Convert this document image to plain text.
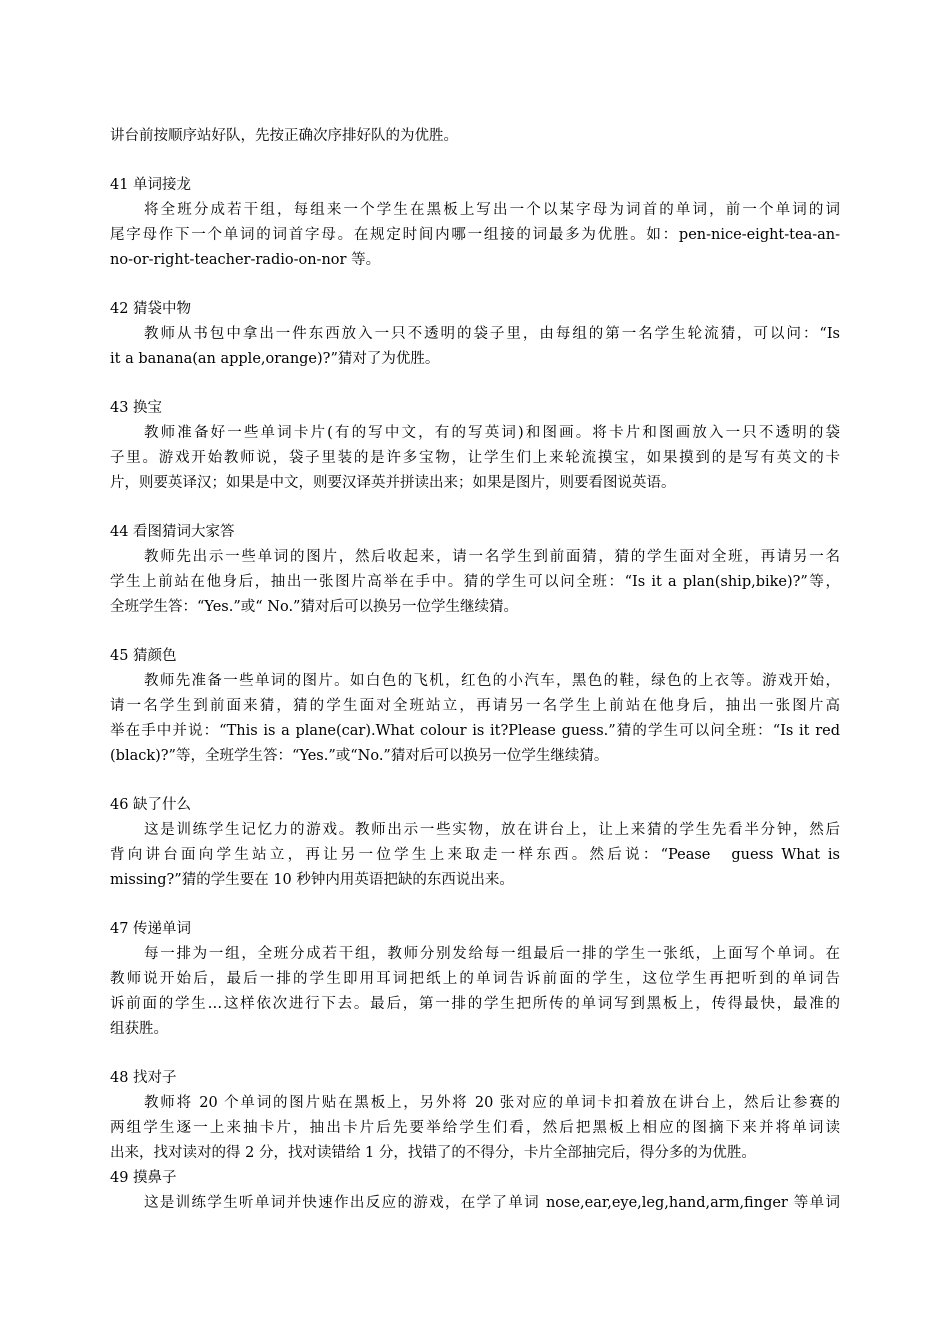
讲台前按顺序站好队，先按正确次序排好队的为优胜。
41 单词接龙
将全班分成若干组，每组来一个学生在黑板上写出一个以某字母为词首的单词，前一个单词的词
尾字母作下一个单词的词首字母。在规定时间内哪一组接的词最多为优胜。如：pen-nice-eight-tea-an-
no-or-right-teacher-radio-on-nor 等。
42 猜袋中物
教师从书包中拿出一件东西放入一只不透明的袋子里，由每组的第一名学生轮流猜，可以问：“Is
it a banana(an apple,orange)?”猜对了为优胜。
43 换宝
教师准备好一些单词卡片(有的写中文，有的写英词)和图画。将卡片和图画放入一只不透明的袋
子里。游戏开始教师说，袋子里装的是许多宝物，让学生们上来轮流摸宝，如果摸到的是写有英文的卡
片，则要英译汉；如果是中文，则要汉译英并拼读出来；如果是图片，则要看图说英语。
44 看图猜词大家答
教师先出示一些单词的图片，然后收起来，请一名学生到前面猜，猜的学生面对全班，再请另一名
学生上前站在他身后，抽出一张图片高举在手中。猜的学生可以问全班：“Is it a plan(ship,bike)?”等，
全班学生答：“Yes.”或“ No.”猜对后可以换另一位学生继续猜。
45 猜颜色
教师先准备一些单词的图片。如白色的飞机，红色的小汽车，黑色的鞋，绿色的上衣等。游戏开始，
请一名学生到前面来猜，猜的学生面对全班站立，再请另一名学生上前站在他身后，抽出一张图片高
举在手中并说：“This is a plane(car).What colour is it?Please guess.”猜的学生可以问全班：“Is it red
(black)?”等，全班学生答：“Yes.”或“No.”猜对后可以换另一位学生继续猜。
46 缺了什么
这是训练学生记忆力的游戏。教师出示一些实物，放在讲台上，让上来猜的学生先看半分钟，然后
背向讲台面向学生站立，再让另一位学生上来取走一样东西。然后说：“Pease　guess What is
missing?”猜的学生要在 10 秒钟内用英语把缺的东西说出来。
47 传递单词
每一排为一组，全班分成若干组，教师分别发给每一组最后一排的学生一张纸，上面写个单词。在
教师说开始后，最后一排的学生即用耳词把纸上的单词告诉前面的学生，这位学生再把听到的单词告
诉前面的学生…这样依次进行下去。最后，第一排的学生把所传的单词写到黑板上，传得最快，最准的
组获胜。
48 找对子
教师将 20 个单词的图片贴在黑板上，另外将 20 张对应的单词卡扣着放在讲台上，然后让参赛的
两组学生逐一上来抽卡片，抽出卡片后先要举给学生们看，然后把黑板上相应的图摘下来并将单词读
出来，找对读对的得 2 分，找对读错给 1 分，找错了的不得分，卡片全部抽完后，得分多的为优胜。
49 摸鼻子
这是训练学生听单词并快速作出反应的游戏，在学了单词 nose,ear,eye,leg,hand,arm,finger 等单词
